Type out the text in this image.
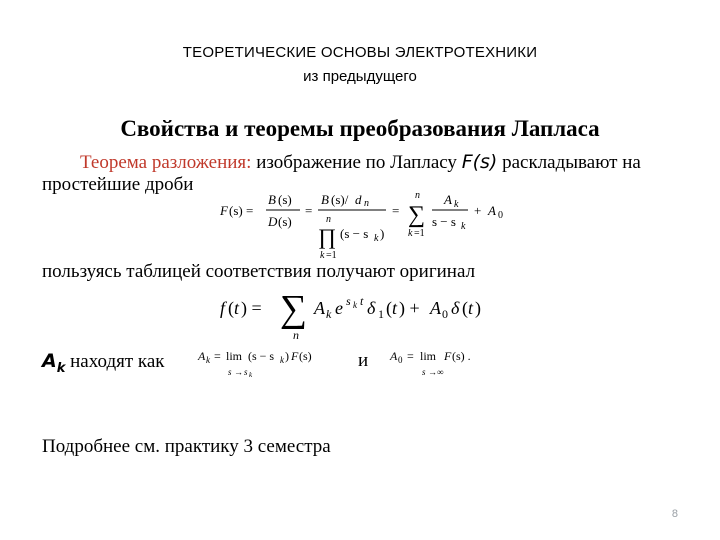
ТЕОРЕТИЧЕСКИЕ ОСНОВЫ ЭЛЕКТРОТЕХНИКИ
из предыдущего
Свойства и теоремы преобразования Лапласа
Теорема разложения: изображение по Лапласу F(s) раскладывают на
простейшие дроби
F (s) =
B (s)
D (s)
=
B (s)/ d n
n
∏ (s − s k )
k =1
=
n
∑
k =1
A k
s − s k
+ A 0
пользуясь таблицей соответствия получают оригинал
f ( t ) = ∑
n
A k e s k t δ 1 ( t ) + A 0 δ ( t )
$A_k$ находят как	A k = lim
s → s k
(s − s k ) F (s) и A 0 = lim
s →∞
F (s) .
Подробнее см. практику 3 семестра
8
